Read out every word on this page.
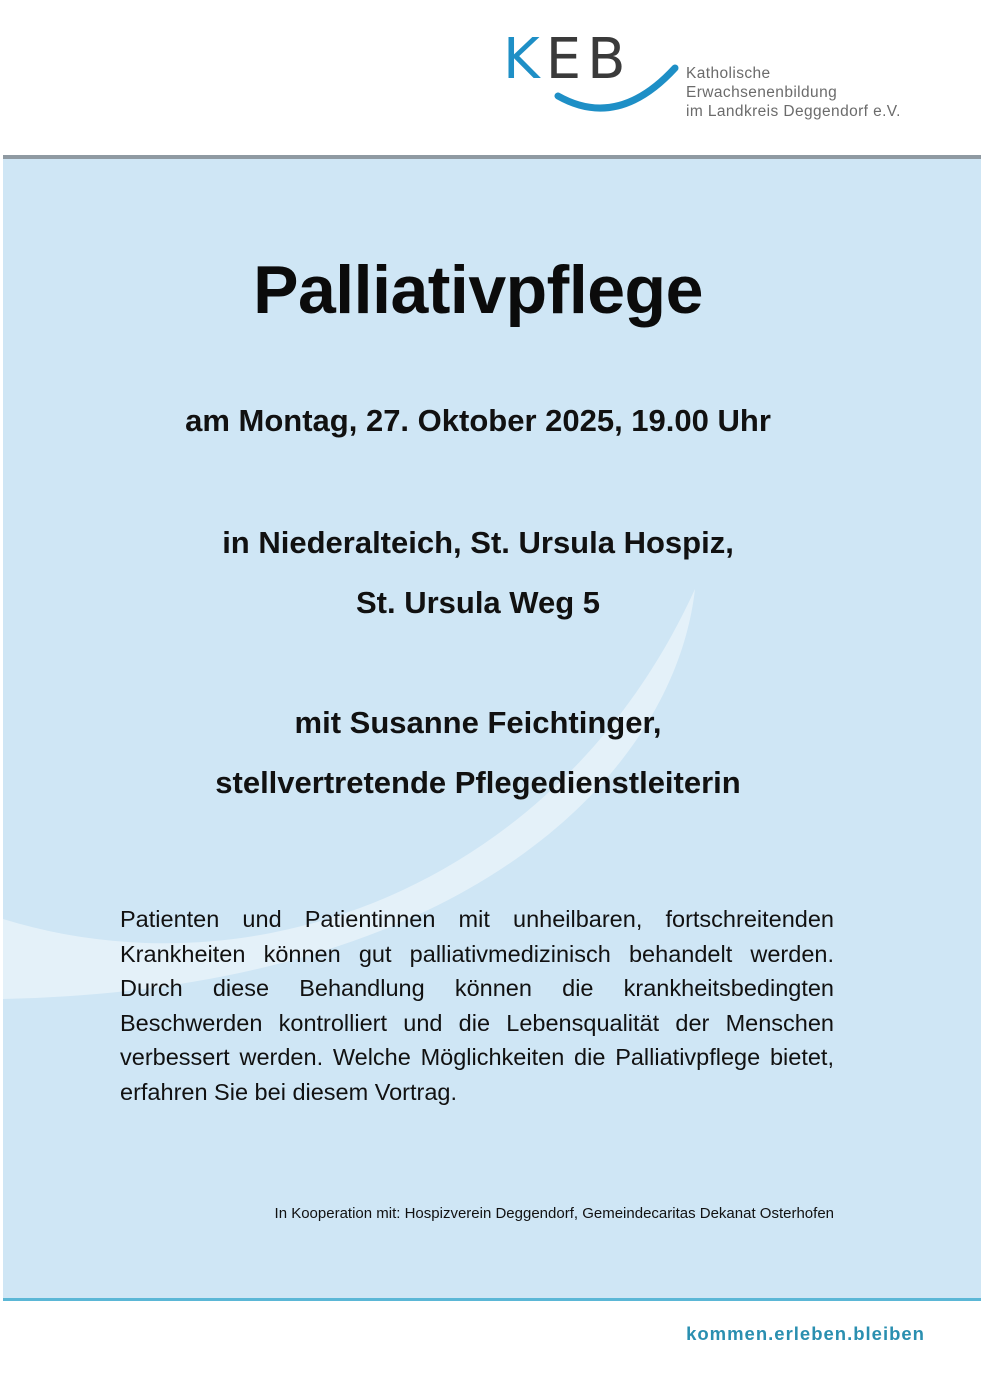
KEB	Katholische
Erwachsenenbildung
im Landkreis Deggendorf e.V.
Palliativpflege
am Montag, 27. Oktober 2025, 19.00 Uhr
in Niederalteich, St. Ursula Hospiz,
St. Ursula Weg 5
mit Susanne Feichtinger,
stellvertretende Pflegedienstleiterin
Patienten und Patientinnen mit unheilbaren, fortschreitenden Krankheiten können gut palliativmedizinisch behandelt werden. Durch diese Behandlung können die krankheitsbedingten Beschwerden kontrolliert und die Lebensqualität der Menschen verbessert werden. Welche Möglichkeiten die Palliativpflege bietet, erfahren Sie bei diesem Vortrag.
In Kooperation mit: Hospizverein Deggendorf, Gemeindecaritas Dekanat Osterhofen
kommen.erleben.bleiben
